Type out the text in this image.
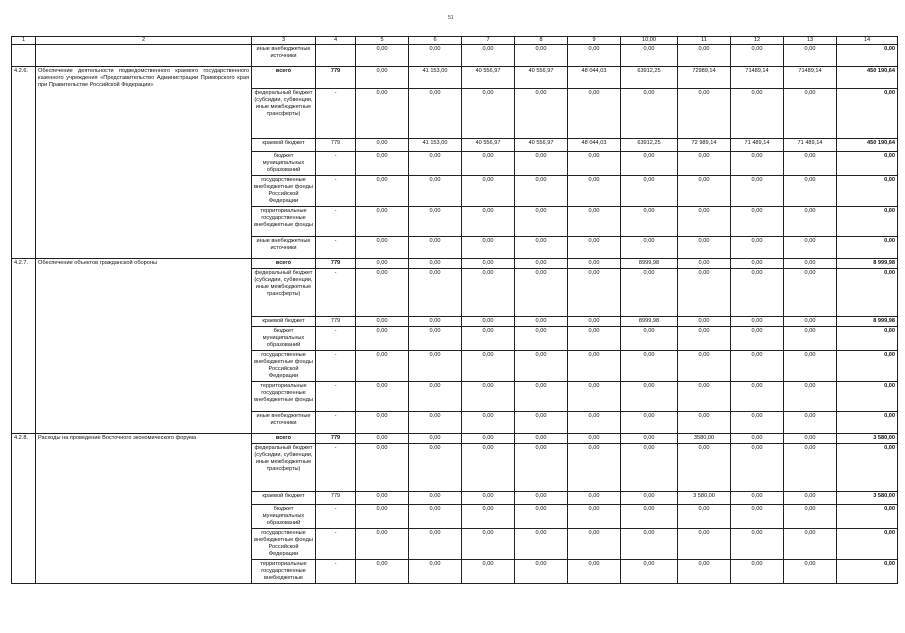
51
1	2	3	4	5	6	7	8	9	10,00	11	12	13	14
		иные внебюджетные источники		0,00	0,00	0,00	0,00	0,00	0,00	0,00	0,00	0,00	0,00
4.2.6.	Обеспечение деятельности подведомственного краевого государственного казенного учреждения «Представительство Администрации Приморского края при Правительстве Российской Федерации»	всего	779	0,00	41 153,00	40 556,97	40 556,97	48 044,03	63912,25	72989,14	71489,14	71489,14	450 190,64
		федеральный бюджет (субсидии, субвенции, иные межбюджетные трансферты)	-	0,00	0,00	0,00	0,00	0,00	0,00	0,00	0,00	0,00	0,00
		краевой бюджет	779	0,00	41 153,00	40 556,97	40 556,97	48 044,03	63912,25	72 989,14	71 489,14	71 489,14	450 190,64
		бюджет муниципальных образований	-	0,00	0,00	0,00	0,00	0,00	0,00	0,00	0,00	0,00	0,00
		государственные внебюджетные фонды Российской Федерации	-	0,00	0,00	0,00	0,00	0,00	0,00	0,00	0,00	0,00	0,00
		территориальные государственные внебюджетные фонды	-	0,00	0,00	0,00	0,00	0,00	0,00	0,00	0,00	0,00	0,00
		иные внебюджетные источники	-	0,00	0,00	0,00	0,00	0,00	0,00	0,00	0,00	0,00	0,00
4.2.7.	Обеспечение объектов гражданской обороны	всего	779	0,00	0,00	0,00	0,00	0,00	8999,98	0,00	0,00	0,00	8 999,98
		федеральный бюджет (субсидии, субвенции, иные межбюджетные трансферты)	-	0,00	0,00	0,00	0,00	0,00	0,00	0,00	0,00	0,00	0,00
		краевой бюджет	779	0,00	0,00	0,00	0,00	0,00	8999,98	0,00	0,00	0,00	8 999,98
		бюджет муниципальных образований	-	0,00	0,00	0,00	0,00	0,00	0,00	0,00	0,00	0,00	0,00
		государственные внебюджетные фонды Российской Федерации	-	0,00	0,00	0,00	0,00	0,00	0,00	0,00	0,00	0,00	0,00
		территориальные государственные внебюджетные фонды	-	0,00	0,00	0,00	0,00	0,00	0,00	0,00	0,00	0,00	0,00
		иные внебюджетные источники	-	0,00	0,00	0,00	0,00	0,00	0,00	0,00	0,00	0,00	0,00
4.2.8.	Расходы на проведение Восточного экономического форума	всего	779	0,00	0,00	0,00	0,00	0,00	0,00	3580,00	0,00	0,00	3 580,00
		федеральный бюджет (субсидии, субвенции, иные межбюджетные трансферты)	-	0,00	0,00	0,00	0,00	0,00	0,00	0,00	0,00	0,00	0,00
		краевой бюджет	779	0,00	0,00	0,00	0,00	0,00	0,00	3 580,00	0,00	0,00	3 580,00
		бюджет муниципальных образований	-	0,00	0,00	0,00	0,00	0,00	0,00	0,00	0,00	0,00	0,00
		государственные внебюджетные фонды Российской Федерации	-	0,00	0,00	0,00	0,00	0,00	0,00	0,00	0,00	0,00	0,00
		территориальные государственные внебюджетные	-	0,00	0,00	0,00	0,00	0,00	0,00	0,00	0,00	0,00	0,00
